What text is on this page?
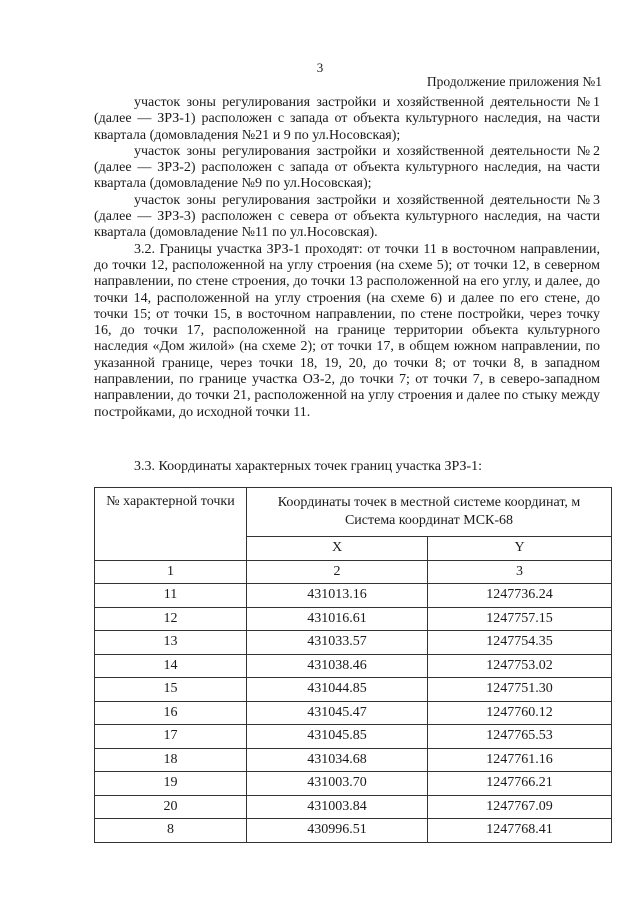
3
Продолжение приложения №1

участок зоны регулирования застройки и хозяйственной деятельности №1 (далее — ЗРЗ-1) расположен с запада от объекта культурного наследия, на части квартала (домовладения №21 и 9 по ул.Носовская);

участок зоны регулирования застройки и хозяйственной деятельности №2 (далее — ЗРЗ-2) расположен с запада от объекта культурного наследия, на части квартала (домовладение №9 по ул.Носовская);

участок зоны регулирования застройки и хозяйственной деятельности №3 (далее — ЗРЗ-3) расположен с севера от объекта культурного наследия, на части квартала (домовладение №11 по ул.Носовская).

3.2. Границы участка ЗРЗ-1 проходят: от точки 11 в восточном направлении, до точки 12, расположенной на углу строения (на схеме 5); от точки 12, в северном направлении, по стене строения, до точки 13 расположенной на его углу, и далее, до точки 14, расположенной на углу строения (на схеме 6) и далее по его стене, до точки 15; от точки 15, в восточном направлении, по стене постройки, через точку 16, до точки 17, расположенной на границе территории объекта культурного наследия «Дом жилой» (на схеме 2); от точки 17, в общем южном направлении, по указанной границе, через точки 18, 19, 20, до точки 8; от точки 8, в западном направлении, по границе участка ОЗ-2, до точки 7; от точки 7, в северо-западном направлении, до точки 21, расположенной на углу строения и далее по стыку между постройками, до исходной точки 11.

3.3. Координаты характерных точек границ участка ЗРЗ-1:
№ характерной точки	Координаты точек в местной системе координат, м
Система координат МСК-68	

	X	Y
1	2	3
11	431013.16	1247736.24
12	431016.61	1247757.15
13	431033.57	1247754.35
14	431038.46	1247753.02
15	431044.85	1247751.30
16	431045.47	1247760.12
17	431045.85	1247765.53
18	431034.68	1247761.16
19	431003.70	1247766.21
20	431003.84	1247767.09
8	430996.51	1247768.41
